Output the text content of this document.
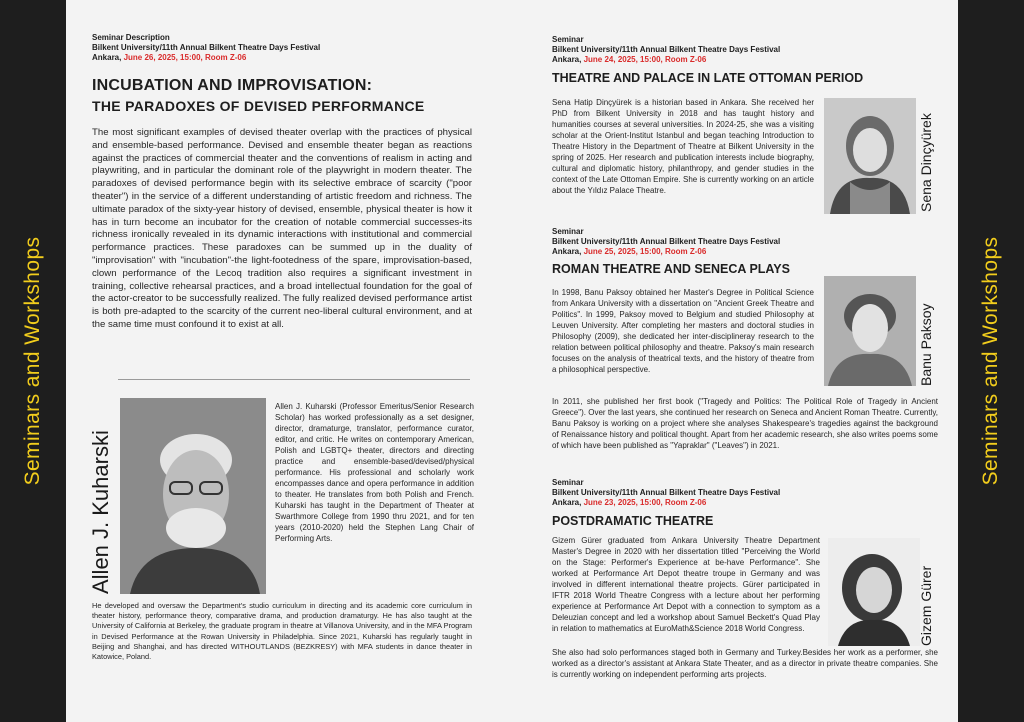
Seminars and Workshops	Seminars and Workshops
Seminar Description
Bilkent University/11th Annual Bilkent Theatre Days Festival
Ankara, June 26, 2025, 15:00, Room Z-06
INCUBATION AND IMPROVISATION:
THE PARADOXES OF DEVISED PERFORMANCE
The most significant examples of devised theater overlap with the practices of physical and ensemble-based performance. Devised and ensemble theater began as reactions against the practices of commercial theater and the conventions of realism in acting and playwriting, and in particular the dominant role of the playwright in modern theater. The paradoxes of devised performance begin with its selective embrace of scarcity ("poor theater") in the service of a different understanding of artistic freedom and richness. The ultimate paradox of the sixty-year history of devised, ensemble, physical theater is how it has in turn become an incubator for the creation of notable commercial successes-its richness ironically revealed in its dynamic interactions with institutional and commercial performance practices. These paradoxes can be summed up in the duality of "improvisation" with "incubation"-the light-footedness of the spare, improvisation-based, clown performance of the Lecoq tradition also requires a significant investment in training, collective rehearsal practices, and a broad intellectual foundation for the goal of the actor-creator to be successfully realized. The fully realized devised performance artist is both pre-adapted to the scarcity of the current neo-liberal cultural environment, and at the same time must confound it to exist at all.
Allen J. Kuharski
Allen J. Kuharski (Professor Emeritus/Senior Research Scholar) has worked professionally as a set designer, director, dramaturge, translator, performance curator, editor, and critic. He writes on contemporary American, Polish and LGBTQ+ theater, directors and directing practice and ensemble-based/devised/physical performance. His professional and scholarly work encompasses dance and opera performance in addition to theater. He translates from both Polish and French. Kuharski has taught in the Department of Theater at Swarthmore College from 1990 thru 2021, and for ten years (2010-2020) held the Stephen Lang Chair of Performing Arts.
He developed and oversaw the Department's studio curriculum in directing and its academic core curriculum in theater history, performance theory, comparative drama, and production dramaturgy. He has also taught at the University of California at Berkeley, the graduate program in theatre at Villanova University, and in the MFA Program in Devised Performance at the Rowan University in Philadelphia. Since 2021, Kuharski has regularly taught in Beijing and Shanghai, and has directed WITHOUTLANDS (BEZKRESY) with MFA students in dance theater in Katowice, Poland.
Seminar
Bilkent University/11th Annual Bilkent Theatre Days Festival
Ankara, June 24, 2025, 15:00, Room Z-06
THEATRE AND PALACE IN LATE OTTOMAN PERIOD
Sena Hatip Dinçyürek is a historian based in Ankara. She received her PhD from Bilkent University in 2018 and has taught history and humanities courses at several universities. In 2024-25, she was a visiting scholar at the Orient-Institut Istanbul and began teaching Introduction to Theatre History in the Department of Theatre at Bilkent University in the spring of 2025. Her research and publication interests include biography, cultural and diplomatic history, philanthropy, and gender studies in the context of the Late Ottoman Empire. She is currently working on an article about the Yıldız Palace Theatre.	Sena Dinçyürek
Seminar
Bilkent University/11th Annual Bilkent Theatre Days Festival
Ankara, June 25, 2025, 15:00, Room Z-06
ROMAN THEATRE AND SENECA PLAYS
In 1998, Banu Paksoy obtained her Master's Degree in Political Science from Ankara University with a dissertation on "Ancient Greek Theatre and Politics". In 1999, Paksoy moved to Belgium and studied Philosophy at Leuven University. After completing her masters and doctoral studies in Philosophy (2009), she dedicated her inter-disciplineray research to the relation between political philosophy and theatre. Paksoy's main research focuses on the analysis of theatrical texts, and the history of theatre from a philosophical perspective.	Banu Paksoy
In 2011, she published her first book ("Tragedy and Politics: The Political Role of Tragedy in Ancient Greece"). Over the last years, she continued her research on Seneca and Ancient Roman Theatre. Currently, Banu Paksoy is working on a project where she analyses Shakespeare's tragedies against the background of Renaissance history and political thought. Apart from her academic research, she also writes poems some of which have been published as "Yapraklar" ("Leaves") in 2021.
Seminar
Bilkent University/11th Annual Bilkent Theatre Days Festival
Ankara, June 23, 2025, 15:00, Room Z-06
POSTDRAMATIC THEATRE
Gizem Gürer graduated from Ankara University Theatre Department Master's Degree in 2020 with her dissertation titled "Perceiving the World on the Stage: Performer's Experience at be-have Performance". She worked at Performance Art Depot theatre troupe in Germany and was involved in different international theatre projects. Gürer participated in IFTR 2018 World Theatre Congress with a lecture about her performing experience at Performance Art Depot with a connection to symptom as a Deleuzian concept and led a workshop about Samuel Beckett's Quad Play in relation to mathematics at EuroMath&Science 2018 World Congress.	Gizem Gürer
She also had solo performances staged both in Germany and Turkey.Besides her work as a performer, she worked as a director's assistant at Ankara State Theater, and as a director in private theatre companies. She is currently working on independent performing arts projects.
